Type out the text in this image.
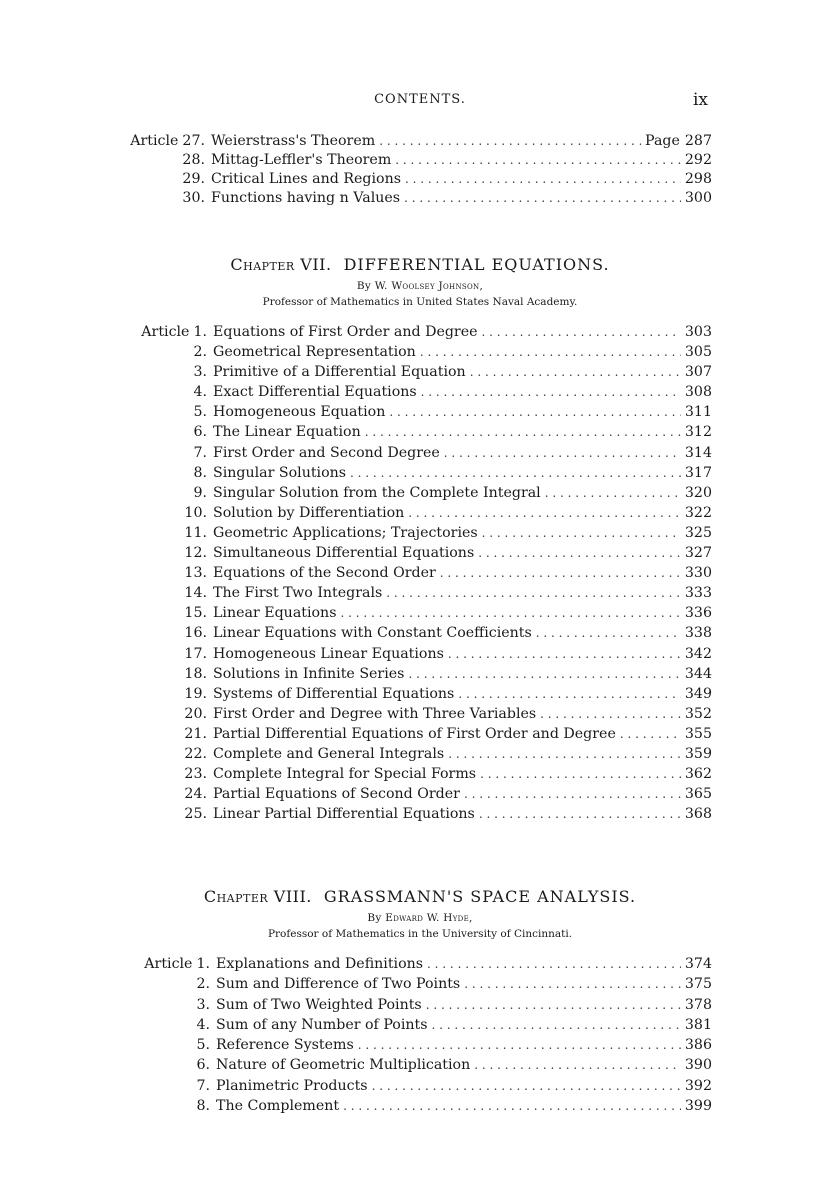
CONTENTS.	ix
Article 27. Weierstrass's Theorem . . .	Page 287
28. Mittag-Leffler's Theorem . . .	292
29. Critical Lines and Regions . . .	298
30. Functions having n Values . . .	300
Chapter VII. DIFFERENTIAL EQUATIONS.
By W. Woolsey Johnson,
Professor of Mathematics in United States Naval Academy.
Article 1. Equations of First Order and Degree . . .	303
2. Geometrical Representation . . .	305
3. Primitive of a Differential Equation . . .	307
4. Exact Differential Equations . . .	308
5. Homogeneous Equation . . .	311
6. The Linear Equation . . .	312
7. First Order and Second Degree . . .	314
8. Singular Solutions . . .	317
9. Singular Solution from the Complete Integral . . .	320
10. Solution by Differentiation . . .	322
11. Geometric Applications; Trajectories . . .	325
12. Simultaneous Differential Equations . . .	327
13. Equations of the Second Order . . .	330
14. The First Two Integrals . . .	333
15. Linear Equations . . .	336
16. Linear Equations with Constant Coefficients . . .	338
17. Homogeneous Linear Equations . . .	342
18. Solutions in Infinite Series . . .	344
19. Systems of Differential Equations . . .	349
20. First Order and Degree with Three Variables . . .	352
21. Partial Differential Equations of First Order and Degree . . .	355
22. Complete and General Integrals . . .	359
23. Complete Integral for Special Forms . . .	362
24. Partial Equations of Second Order . . .	365
25. Linear Partial Differential Equations . . .	368
Chapter VIII. GRASSMANN'S SPACE ANALYSIS.
By Edward W. Hyde,
Professor of Mathematics in the University of Cincinnati.
Article 1. Explanations and Definitions . . .	374
2. Sum and Difference of Two Points . . .	375
3. Sum of Two Weighted Points . . .	378
4. Sum of any Number of Points . . .	381
5. Reference Systems . . .	386
6. Nature of Geometric Multiplication . . .	390
7. Planimetric Products . . .	392
8. The Complement . . .	399
